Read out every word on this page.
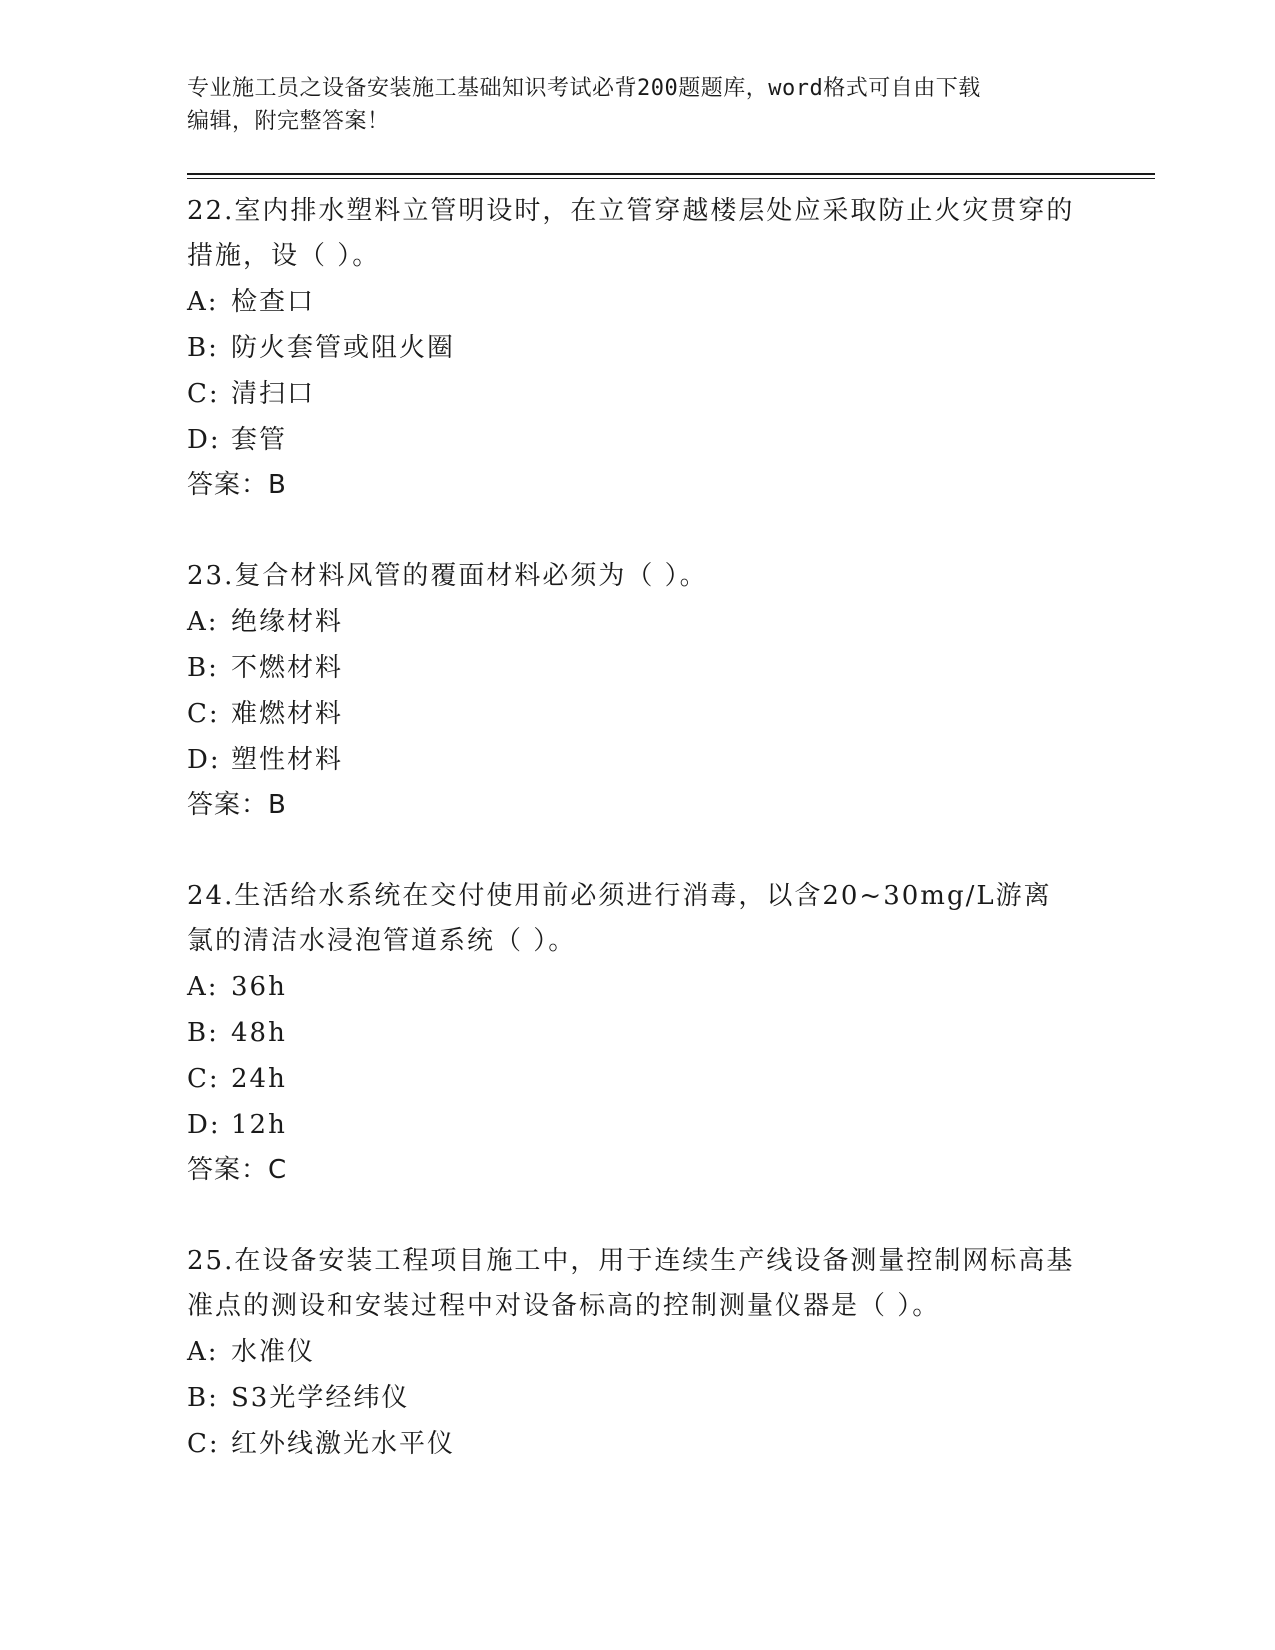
专业施工员之设备安装施工基础知识考试必背200题题库，word格式可自由下载
编辑，附完整答案！

22.室内排水塑料立管明设时，在立管穿越楼层处应采取防止火灾贯穿的措施，设（ ）。

A: 检查口

B: 防火套管或阻火圈

C: 清扫口

D: 套管

答案：B

23.复合材料风管的覆面材料必须为（ ）。

A: 绝缘材料

B: 不燃材料

C: 难燃材料

D: 塑性材料

答案：B

24.生活给水系统在交付使用前必须进行消毒，以含20~30mg/L游离氯的清洁水浸泡管道系统（ ）。

A: 36h

B: 48h

C: 24h

D: 12h

答案：C

25.在设备安装工程项目施工中，用于连续生产线设备测量控制网标高基准点的测设和安装过程中对设备标高的控制测量仪器是（ ）。

A: 水准仪

B: S3光学经纬仪

C: 红外线激光水平仪
